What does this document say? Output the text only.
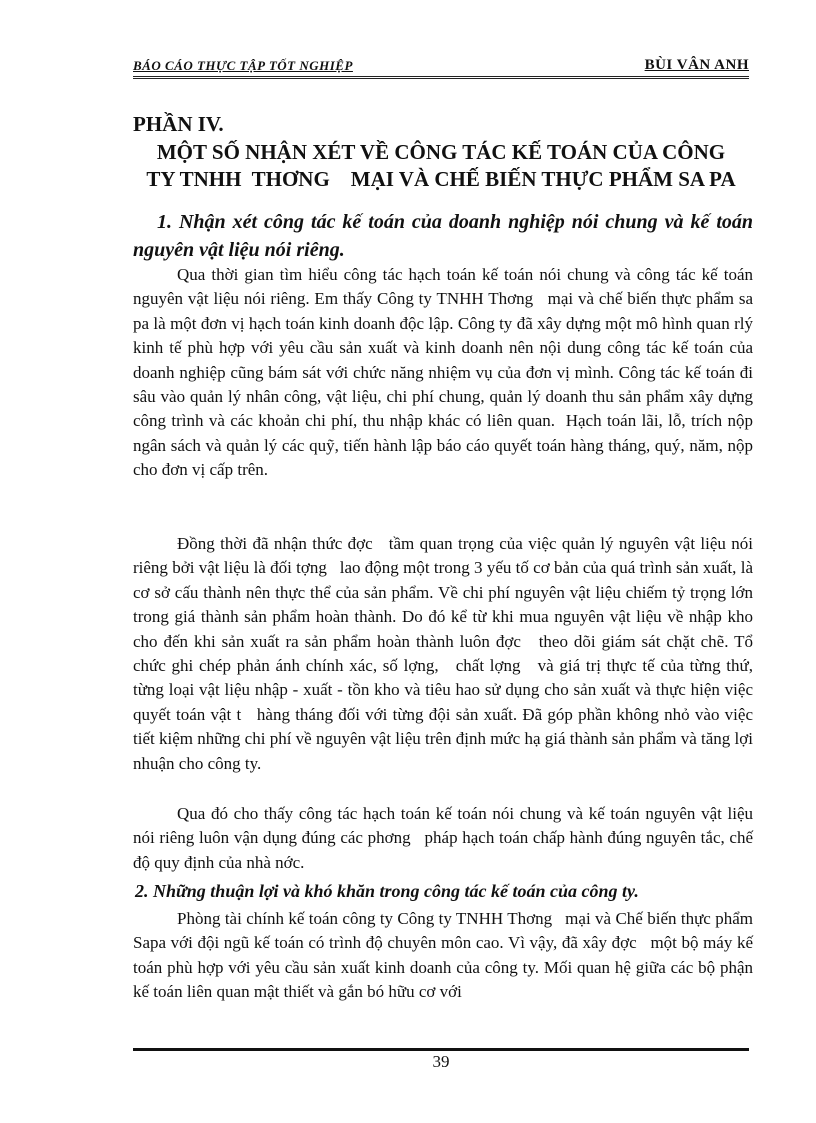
BÁO CÁO THỰC TẬP TỐT NGHIỆP	BÙI VÂN ANH
PHẦN IV.
MỘT SỐ NHẬN XÉT VỀ CÔNG TÁC KẾ TOÁN CỦA CÔNG
TY TNHH  THƠNG    MẠI VÀ CHẾ BIẾN THỰC PHẨM SA PA
1. Nhận xét công tác kế toán của doanh nghiệp nói chung và kế toán nguyên vật liệu nói riêng.
Qua thời gian tìm hiểu công tác hạch toán kế toán nói chung và công tác kế toán nguyên vật liệu nói riêng. Em thấy Công ty TNHH Thơng   mại và chế biến thực phẩm sa pa là một đơn vị hạch toán kinh doanh độc lập. Công ty đã xây dựng một mô hình quan rlý kinh tế phù hợp với yêu cầu sản xuất và kinh doanh nên nội dung công tác kế toán của doanh nghiệp cũng bám sát với chức năng nhiệm vụ của đơn vị mình. Công tác kế toán đi sâu vào quản lý nhân công, vật liệu, chi phí chung, quản lý doanh thu sản phẩm xây dựng công trình và các khoản chi phí, thu nhập khác có liên quan.  Hạch toán lãi, lỗ, trích nộp ngân sách và quản lý các quỹ, tiến hành lập báo cáo quyết toán hàng tháng, quý, năm, nộp cho đơn vị cấp trên.
Đồng thời đã nhận thức đợc   tầm quan trọng của việc quản lý nguyên vật liệu nói riêng bởi vật liệu là đối tợng   lao động một trong 3 yếu tố cơ bản của quá trình sản xuất, là cơ sở cấu thành nên thực thể của sản phẩm. Về chi phí nguyên vật liệu chiếm tỷ trọng lớn trong giá thành sản phẩm hoàn thành. Do đó kể từ khi mua nguyên vật liệu về nhập kho cho đến khi sản xuất ra sản phẩm hoàn thành luôn đợc   theo dõi giám sát chặt chẽ. Tổ chức ghi chép phản ánh chính xác, số lợng,   chất lợng   và giá trị thực tế của từng thứ, từng loại vật liệu nhập - xuất - tồn kho và tiêu hao sử dụng cho sản xuất và thực hiện việc quyết toán vật t   hàng tháng đối với từng đội sản xuất. Đã góp phần không nhỏ vào việc tiết kiệm những chi phí về nguyên vật liệu trên định mức hạ giá thành sản phẩm và tăng lợi nhuận cho công ty.
Qua đó cho thấy công tác hạch toán kế toán nói chung và kế toán nguyên vật liệu nói riêng luôn vận dụng đúng các phơng   pháp hạch toán chấp hành đúng nguyên tắc, chế độ quy định của nhà nớc.
2. Những thuận lợi và khó khăn trong công tác kế toán của công ty.
Phòng tài chính kế toán công ty Công ty TNHH Thơng   mại và Chế biến thực phẩm Sapa với đội ngũ kế toán có trình độ chuyên môn cao. Vì vậy, đã xây đợc   một bộ máy kế toán phù hợp với yêu cầu sản xuất kinh doanh của công ty. Mối quan hệ giữa các bộ phận kế toán liên quan mật thiết và gắn bó hữu cơ với
39
